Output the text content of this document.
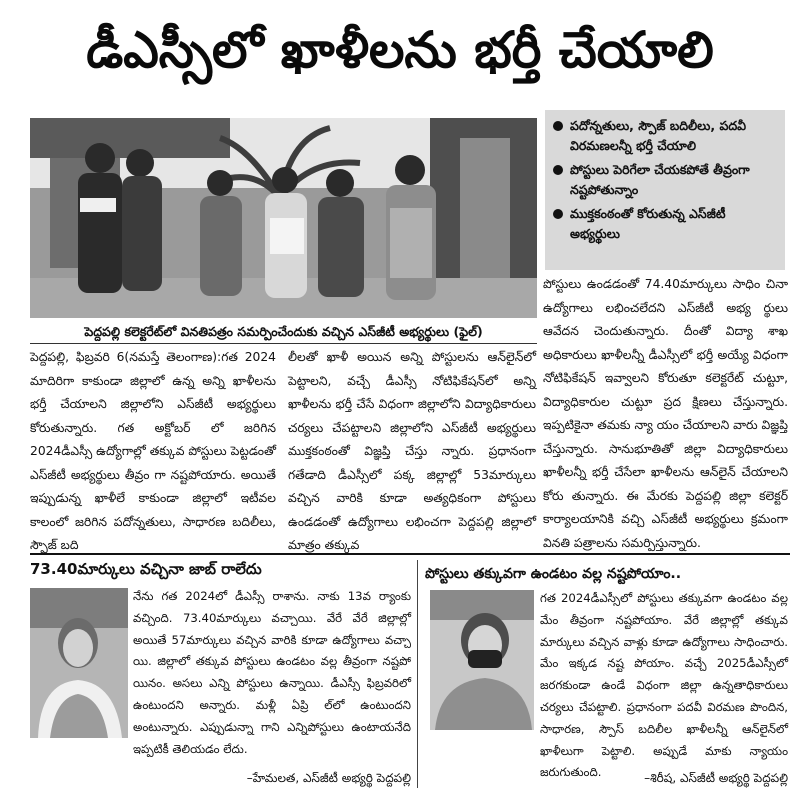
డీఎస్సీలో ఖాళీలను భర్తీ చేయాలి
పెద్దపల్లి కలెక్టరేట్‌లో వినతిపత్రం సమర్పించేందుకు వచ్చిన ఎస్‌జీటీ అభ్యర్థులు (ఫైల్)
పదోన్నతులు, స్పౌజ్ బదిలీలు, పదవీ విరమణలన్నీ భర్తీ చేయాలి
పోస్టులు పెరిగేలా చేయకపోతే తీవ్రంగా నష్టపోతున్నాం
ముక్తకంఠంతో కోరుతున్న ఎస్‌జీటీ అభ్యర్థులు
పెద్దపల్లి, ఫిబ్రవరి 6(నమస్తే తెలంగాణ):గత 2024 మాదిరిగా కాకుండా జిల్లాలో ఉన్న అన్ని ఖాళీలను భర్తీ చేయాలని జిల్లాలోని ఎస్‌జీటీ అభ్యర్థులు కోరుతున్నారు. గత అక్టోబర్ లో జరిగిన 2024డీఎస్సీ ఉద్యోగాల్లో తక్కువ పోస్టులు పెట్టడంతో ఎస్‌జీటీ అభ్యర్థులు తీవ్రం గా నష్టపోయారు. అయితే ఇప్పుడున్న ఖాళీలే కాకుండా జిల్లాలో ఇటీవల కాలంలో జరిగిన పదోన్నతులు, సాధారణ బదిలీలు, స్పౌజ్ బది
లీలతో ఖాళీ అయిన అన్ని పోస్టులను ఆన్‌లైన్‌లో పెట్టాలని, వచ్చే డీఎస్సీ నోటిఫికేషన్‌లో అన్ని ఖాళీలను భర్తీ చేసే విధంగా జిల్లాలోని విద్యాధికారులు చర్యలు చేపట్టాలని జిల్లాలోని ఎస్‌జీటీ అభ్యర్థులు ముక్తకంఠంతో విజ్ఞప్తి చేస్తు న్నారు. ప్రధానంగా గతేడాది డీఎస్సీలో పక్క జిల్లాల్లో 53మార్కులు వచ్చిన వారికి కూడా అత్యధికంగా పోస్టులు ఉండడంతో ఉద్యోగాలు లభించగా పెద్దపల్లి జిల్లాలో మాత్రం తక్కువ
పోస్టులు ఉండడంతో 74.40మార్కులు సాధిం చినా ఉద్యోగాలు లభించలేదని ఎస్‌జీటీ అభ్య ర్థులు ఆవేదన చెందుతున్నారు. దీంతో విద్యా శాఖ అధికారులు ఖాళీలన్నీ డీఎస్సీలో భర్తీ అయ్యే విధంగా నోటిఫికేషన్ ఇవ్వాలని కోరుతూ కలెక్టరేట్ చుట్టూ, విద్యాధికారుల చుట్టూ ప్రద క్షిణలు చేస్తున్నారు. ఇప్పటికైనా తమకు న్యా యం చేయాలని వారు విజ్ఞప్తి చేస్తున్నారు. సానుభూతితో జిల్లా విద్యాధికారులు ఖాళీలన్నీ భర్తీ చేసేలా ఖాళీలను ఆన్‌లైన్ చేయాలని కోరు తున్నారు. ఈ మేరకు పెద్దపల్లి జిల్లా కలెక్టర్ కార్యాలయానికి వచ్చి ఎస్‌జీటీ అభ్యర్థులు క్రమంగా వినతి పత్రాలను సమర్పిస్తున్నారు.
73.40మార్కులు వచ్చినా జాబ్ రాలేదు
నేను గత 2024లో డీఎస్సీ రాశాను. నాకు 13వ ర్యాంకు వచ్చింది. 73.40మార్కులు వచ్చాయి. వేరే వేరే జిల్లాల్లో అయితే 57మార్కులు వచ్చిన వారికి కూడా ఉద్యోగాలు వచ్చా యి. జిల్లాలో తక్కువ పోస్టులు ఉండటం వల్ల తీవ్రంగా నష్టపో యినం. అసలు ఎన్ని పోస్టులు ఉన్నాయి. డీఎస్సీ ఫిబ్రవరిలో ఉంటుందని అన్నారు. మళ్లీ ఏప్రి ల్‌లో ఉంటుందని అంటున్నారు. ఎప్పుడున్నా గాని ఎన్నిపోస్టులు ఉంటాయనేది ఇప్పటికీ తెలియడం లేదు.
–హేమలత, ఎస్‌జీటీ అభ్యర్థి పెద్దపల్లి
పోస్టులు తక్కువగా ఉండటం వల్ల నష్టపోయాం..
గత 2024డీఎస్సీలో పోస్టులు తక్కువగా ఉండటం వల్ల మేం తీవ్రంగా నష్టపోయాం. వేరే జిల్లాల్లో తక్కువ మార్కులు వచ్చిన వాళ్లు కూడా ఉద్యోగాలు సాధించారు. మేం ఇక్కడ నష్ట పోయాం. వచ్చే 2025డీఎస్సీలో జరగకుండా ఉండే విధంగా జిల్లా ఉన్నతాధికారులు చర్యలు చేపట్టాలి. ప్రధానంగా పదవీ విరమణ పొందిన, సాధారణ, స్పౌస్ బదిలీల ఖాళీలన్నీ ఆన్‌లైన్‌లో ఖాళీలుగా పెట్టాలి. అప్పుడే మాకు న్యాయం జరుగుతుంది.	–శిరీష, ఎస్‌జీటీ అభ్యర్థి పెద్దపల్లి
